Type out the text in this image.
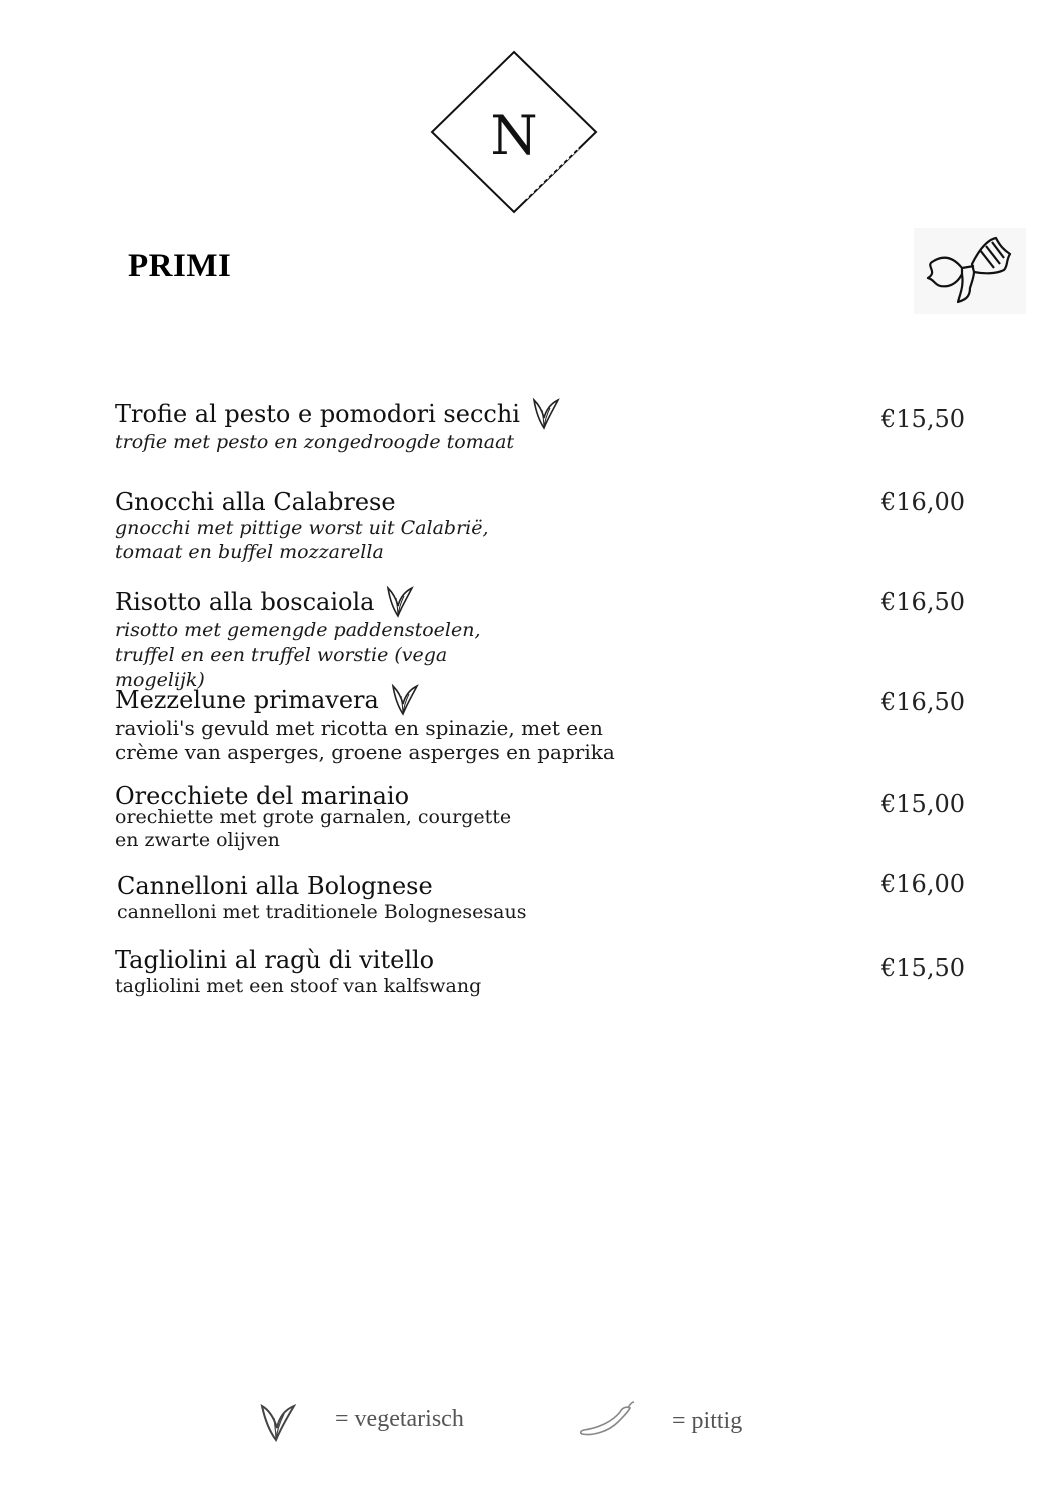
N
PRIMI
Trofie al pesto e pomodori secchi
trofie met pesto en zongedroogde tomaat
€15,50
Gnocchi alla Calabrese
gnocchi met pittige worst uit Calabrië,
tomaat en buffel mozzarella
€16,00
Risotto alla boscaiola
risotto met gemengde paddenstoelen,
truffel en een truffel worstie (vega
mogelijk)
€16,50
Mezzelune primavera
ravioli's gevuld met ricotta en spinazie, met een
crème van asperges, groene asperges en paprika
€16,50
Orecchiete del marinaio
orechiette met grote garnalen, courgette
en zwarte olijven
€15,00
Cannelloni alla Bolognese
cannelloni met traditionele Bolognesesaus
€16,00
Tagliolini al ragù di vitello
tagliolini met een stoof van kalfswang
€15,50
= vegetarisch	= pittig
